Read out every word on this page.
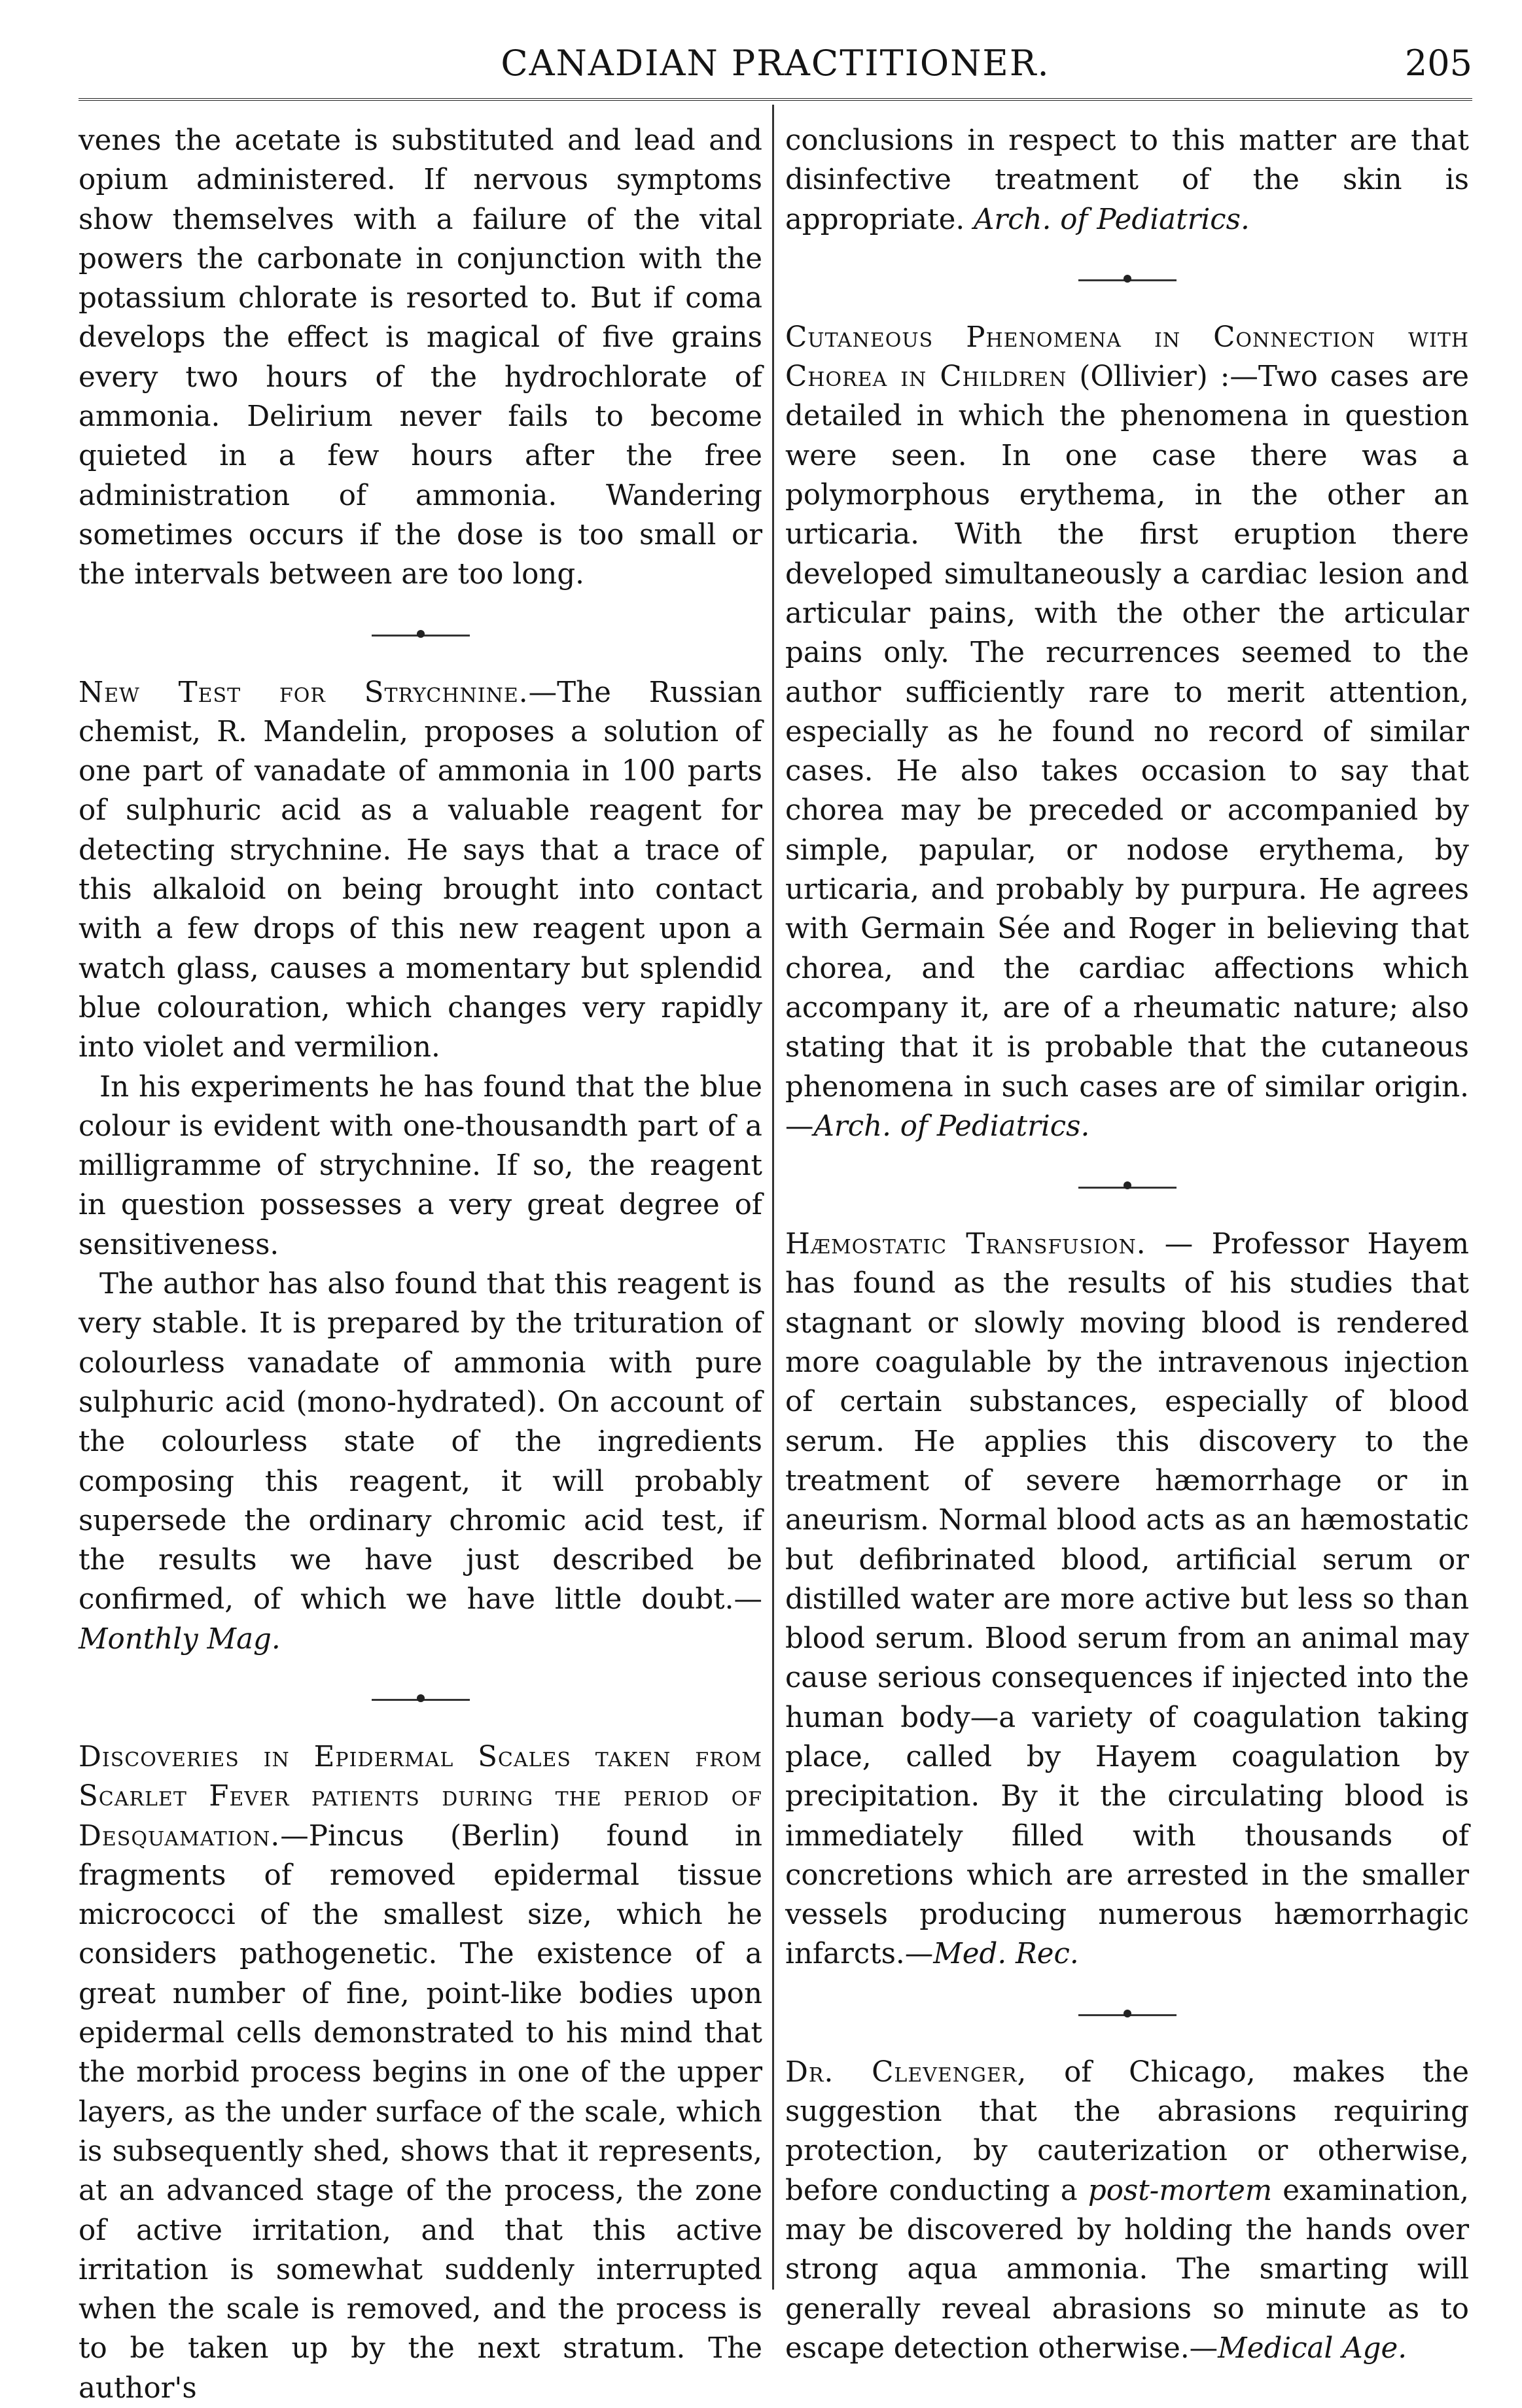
CANADIAN PRACTITIONER.	205

venes the acetate is substituted and lead and opium administered. If nervous symptoms show themselves with a failure of the vital powers the carbonate in conjunction with the potassium chlorate is resorted to. But if coma develops the effect is magical of five grains every two hours of the hydrochlorate of ammonia. Delirium never fails to become quieted in a few hours after the free administration of ammonia. Wandering sometimes occurs if the dose is too small or the intervals between are too long.

New Test for Strychnine.—The Russian chemist, R. Mandelin, proposes a solution of one part of vanadate of ammonia in 100 parts of sulphuric acid as a valuable reagent for detecting strychnine. He says that a trace of this alkaloid on being brought into contact with a few drops of this new reagent upon a watch glass, causes a momentary but splendid blue colouration, which changes very rapidly into violet and vermilion.

In his experiments he has found that the blue colour is evident with one-thousandth part of a milligramme of strychnine. If so, the reagent in question possesses a very great degree of sensitiveness.

The author has also found that this reagent is very stable. It is prepared by the trituration of colourless vanadate of ammonia with pure sulphuric acid (mono-hydrated). On account of the colourless state of the ingredients composing this reagent, it will probably supersede the ordinary chromic acid test, if the results we have just described be confirmed, of which we have little doubt.—Monthly Mag.

Discoveries in Epidermal Scales taken from Scarlet Fever patients during the period of Desquamation.—Pincus (Berlin) found in fragments of removed epidermal tissue micrococci of the smallest size, which he considers pathogenetic. The existence of a great number of fine, point-like bodies upon epidermal cells demonstrated to his mind that the morbid process begins in one of the upper layers, as the under surface of the scale, which is subsequently shed, shows that it represents, at an advanced stage of the process, the zone of active irritation, and that this active irritation is somewhat suddenly interrupted when the scale is removed, and the process is to be taken up by the next stratum. The author's

conclusions in respect to this matter are that disinfective treatment of the skin is appropriate. Arch. of Pediatrics.

Cutaneous Phenomena in Connection with Chorea in Children (Ollivier) :—Two cases are detailed in which the phenomena in question were seen. In one case there was a polymorphous erythema, in the other an urticaria. With the first eruption there developed simultaneously a cardiac lesion and articular pains, with the other the articular pains only. The recurrences seemed to the author sufficiently rare to merit attention, especially as he found no record of similar cases. He also takes occasion to say that chorea may be preceded or accompanied by simple, papular, or nodose erythema, by urticaria, and probably by purpura. He agrees with Germain Sée and Roger in believing that chorea, and the cardiac affections which accompany it, are of a rheumatic nature; also stating that it is probable that the cutaneous phenomena in such cases are of similar origin.—Arch. of Pediatrics.

Hæmostatic Transfusion. — Professor Hayem has found as the results of his studies that stagnant or slowly moving blood is rendered more coagulable by the intravenous injection of certain substances, especially of blood serum. He applies this discovery to the treatment of severe hæmorrhage or in aneurism. Normal blood acts as an hæmostatic but defibrinated blood, artificial serum or distilled water are more active but less so than blood serum. Blood serum from an animal may cause serious consequences if injected into the human body—a variety of coagulation taking place, called by Hayem coagulation by precipitation. By it the circulating blood is immediately filled with thousands of concretions which are arrested in the smaller vessels producing numerous hæmorrhagic infarcts.—Med. Rec.

Dr. Clevenger, of Chicago, makes the suggestion that the abrasions requiring protection, by cauterization or otherwise, before conducting a post-mortem examination, may be discovered by holding the hands over strong aqua ammonia. The smarting will generally reveal abrasions so minute as to escape detection otherwise.—Medical Age.
